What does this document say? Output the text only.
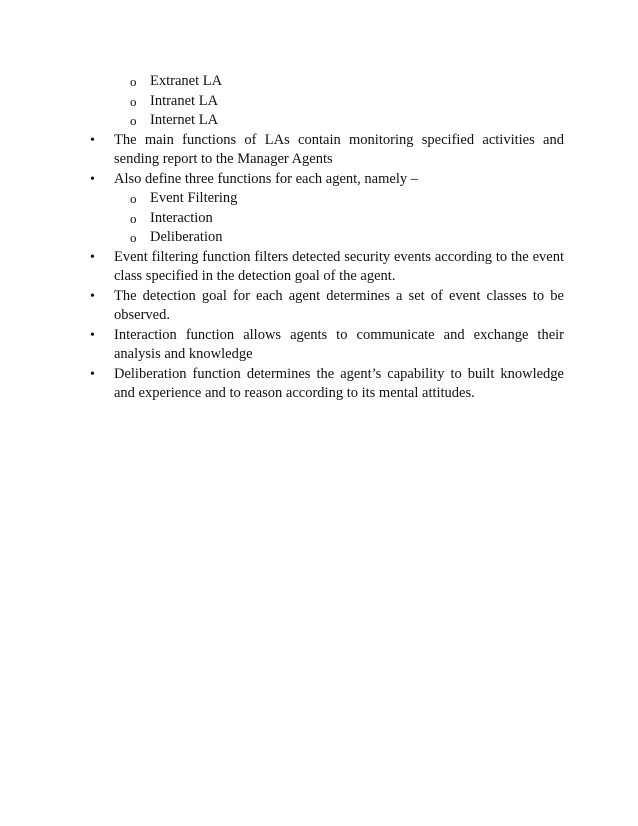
o Extranet LA
o Intranet LA
o Internet LA
• The main functions of LAs contain monitoring specified activities and sending report to the Manager Agents
• Also define three functions for each agent, namely –
o Event Filtering
o Interaction
o Deliberation
• Event filtering function filters detected security events according to the event class specified in the detection goal of the agent.
• The detection goal for each agent determines a set of event classes to be observed.
• Interaction function allows agents to communicate and exchange their analysis and knowledge
• Deliberation function determines the agent’s capability to built knowledge and experience and to reason according to its mental attitudes.
